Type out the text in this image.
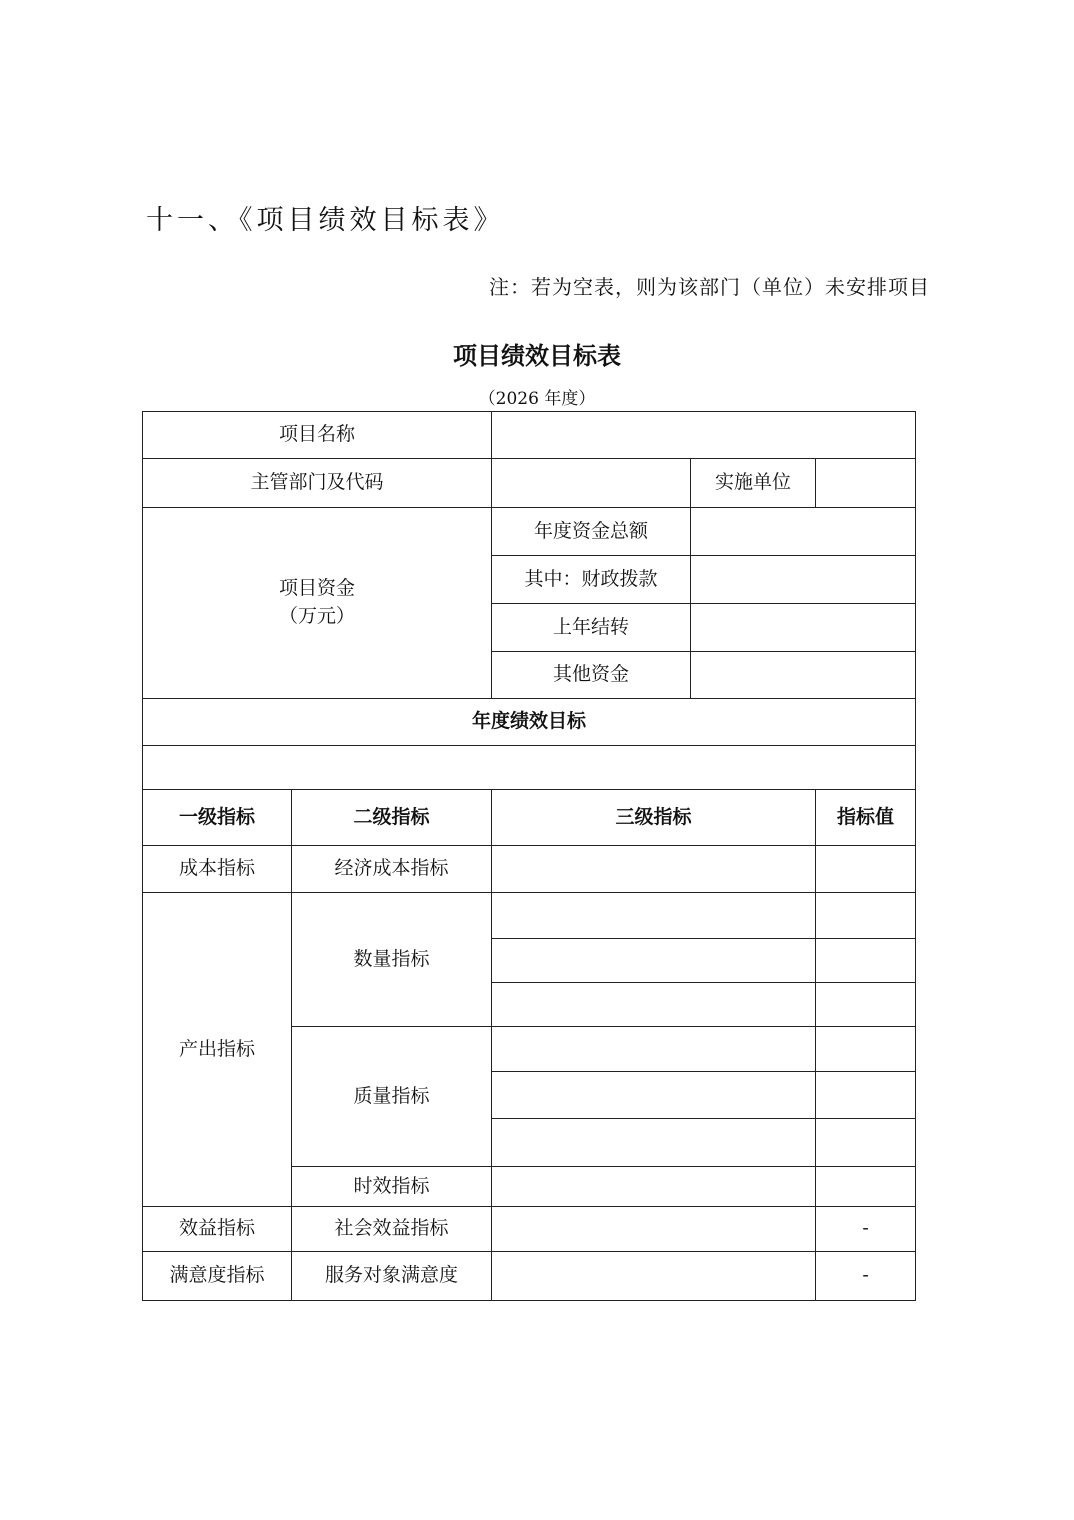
十一、《项目绩效目标表》
注：若为空表，则为该部门（单位）未安排项目
项目绩效目标表
（2026 年度）
项目名称				
主管部门及代码			实施单位	

项目资金
（万元）		年度资金总额		
		其中：财政拨款		
		上年结转		
		其他资金		
年度绩效目标				

一级指标	二级指标	三级指标		指标值
成本指标	经济成本指标			
产出指标	数量指标			

	质量指标			

	时效指标			
效益指标	社会效益指标			-
满意度指标	服务对象满意度			-
